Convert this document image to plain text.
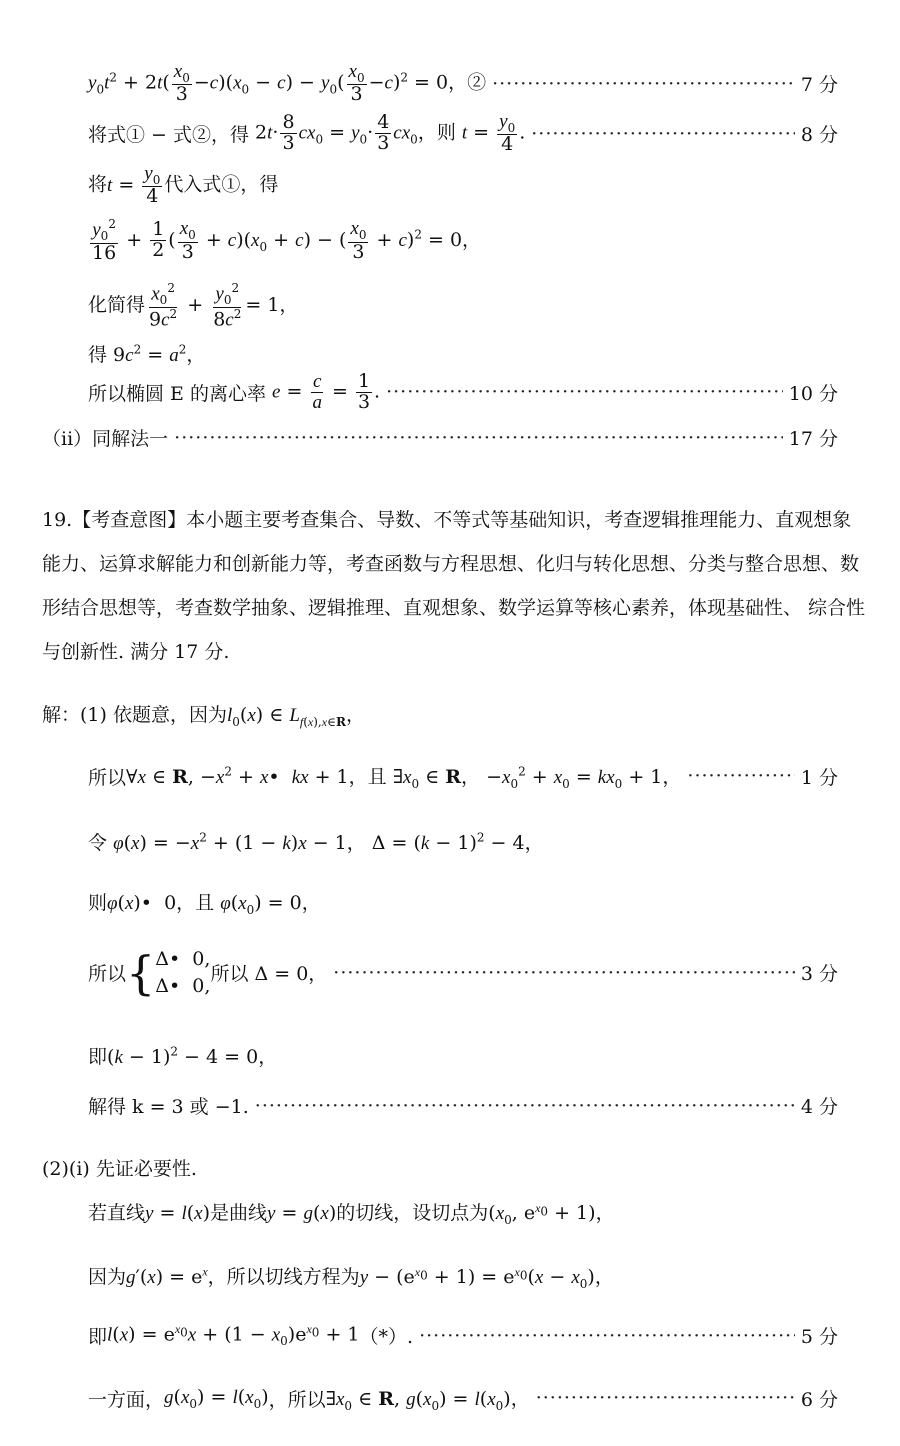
$y_0t^2 + 2t( \frac{x_0}{3} -c)(x_0 - c) - y_0( \frac{x_0}{3} -c)^2 = 0$，② ·····	7 分
将式① − 式②，得 $2t\cdot \frac{8}{3} cx_0 = y_0\cdot \frac{4}{3} cx_0$，则 $t = \frac{y_0}{4}$ . ·····	8 分
将$t = \frac{y_0}{4}$ 代入式①，得
$\frac{y_0^2}{16} + \frac{1}{2}$ ( $\frac{x_0}{3} + c)(x_0 + c)$ − ( $\frac{x_0}{3} + c)^2 = 0$，
化简得 $\frac{x_0^2}{9c^2} + \frac{y_0^2}{8c^2} = 1$，
得 $9c^2 = a^2$，
所以椭圆 E 的离心率 $e = \frac{c}{a} = \frac{1}{3}$ . ·····	10 分
（ii）同解法一 ·····	17 分
19.【考查意图】本小题主要考查集合、导数、不等式等基础知识，考查逻辑推理能力、直观想象能力、运算求解能力和创新能力等，考查函数与方程思想、化归与转化思想、分类与整合思想、数形结合思想等，考查数学抽象、逻辑推理、直观想象、数学运算等核心素养，体现基础性、 综合性与创新性. 满分 17 分.
解：(1) 依题意，因为$l_0(x)$ ∈ $L_{f(x),x\in R}$，
所以 ∀x ∈ R, $-x^2$ + x•  kx + 1，且 $\exists x_0$ ∈ R， $-x_0^2 + x_0 = kx_0 + 1$， ·····	1 分
令 $\varphi(x) = -x^2 + (1 - k)x - 1$， $\Delta = (k - 1)^2 - 4$，
则φ(x)•  0，且 $\varphi(x_0) = 0$，
所以 { Δ•  0,
Δ•  0,
所以 Δ = 0， ·····	3 分
即$(k - 1)^2 - 4 = 0$，
解得 k = 3 或 −1. ·····	4 分
(2)(i) 先证必要性.
若直线y = l(x)是曲线y = g(x)的切线，设切点为($x_0$, $e^{x_0} + 1$)，
因为$g'(x) = e^x$，所以切线方程为$y - (e^{x_0} + 1) = e^{x_0}(x - x_0)$，
即 $l(x) = e^{x_0}x + (1 - x_0)e^{x_0} + 1$ （*）. ·····	5 分
一方面， $g(x_0) = l(x_0)$ ，所以 $\exists x_0$ ∈ R, $g(x_0) = l(x_0)$， ·····	6 分
